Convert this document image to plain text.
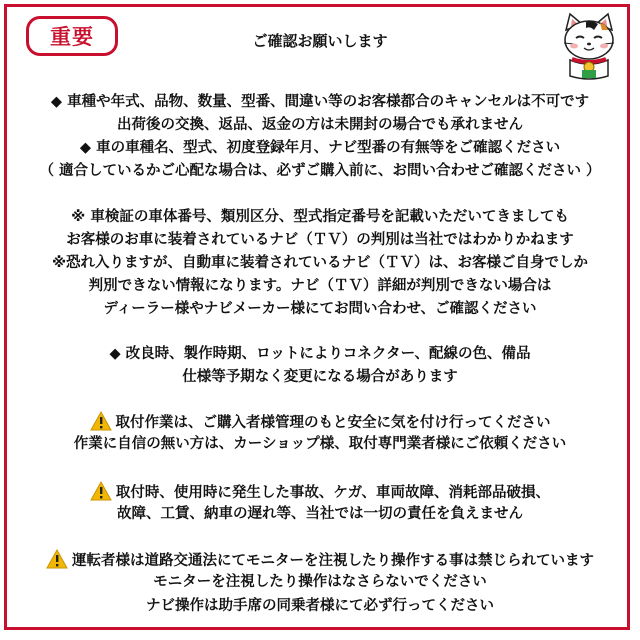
重要	ご確認お願いします
◆ 車種や年式、品物、数量、型番、間違い等のお客様都合のキャンセルは不可です
出荷後の交換、返品、返金の方は未開封の場合でも承れません
◆ 車の車種名、型式、初度登録年月、ナビ型番の有無等をご確認ください
（ 適合しているかご心配な場合は、必ずご購入前に、お問い合わせご確認ください ）
※ 車検証の車体番号、類別区分、型式指定番号を記載いただいてきましても
お客様のお車に装着されているナビ（ＴＶ）の判別は当社ではわかりかねます
※恐れ入りますが、自動車に装着されているナビ（ＴＶ）は、お客様ご自身でしか
判別できない情報になります。ナビ（ＴＶ）詳細が判別できない場合は
ディーラー様やナビメーカー様にてお問い合わせ、ご確認ください
◆ 改良時、製作時期、ロットによりコネクター、配線の色、備品
仕様等予期なく変更になる場合があります
取付作業は、ご購入者様管理のもと安全に気を付け行ってください
作業に自信の無い方は、カーショップ様、取付専門業者様にご依頼ください
取付時、使用時に発生した事故、ケガ、車両故障、消耗部品破損、
故障、工賃、納車の遅れ等、当社では一切の責任を負えません
運転者様は道路交通法にてモニターを注視したり操作する事は禁じられています
モニターを注視したり操作はなさらないでください
ナビ操作は助手席の同乗者様にて必ず行ってください
